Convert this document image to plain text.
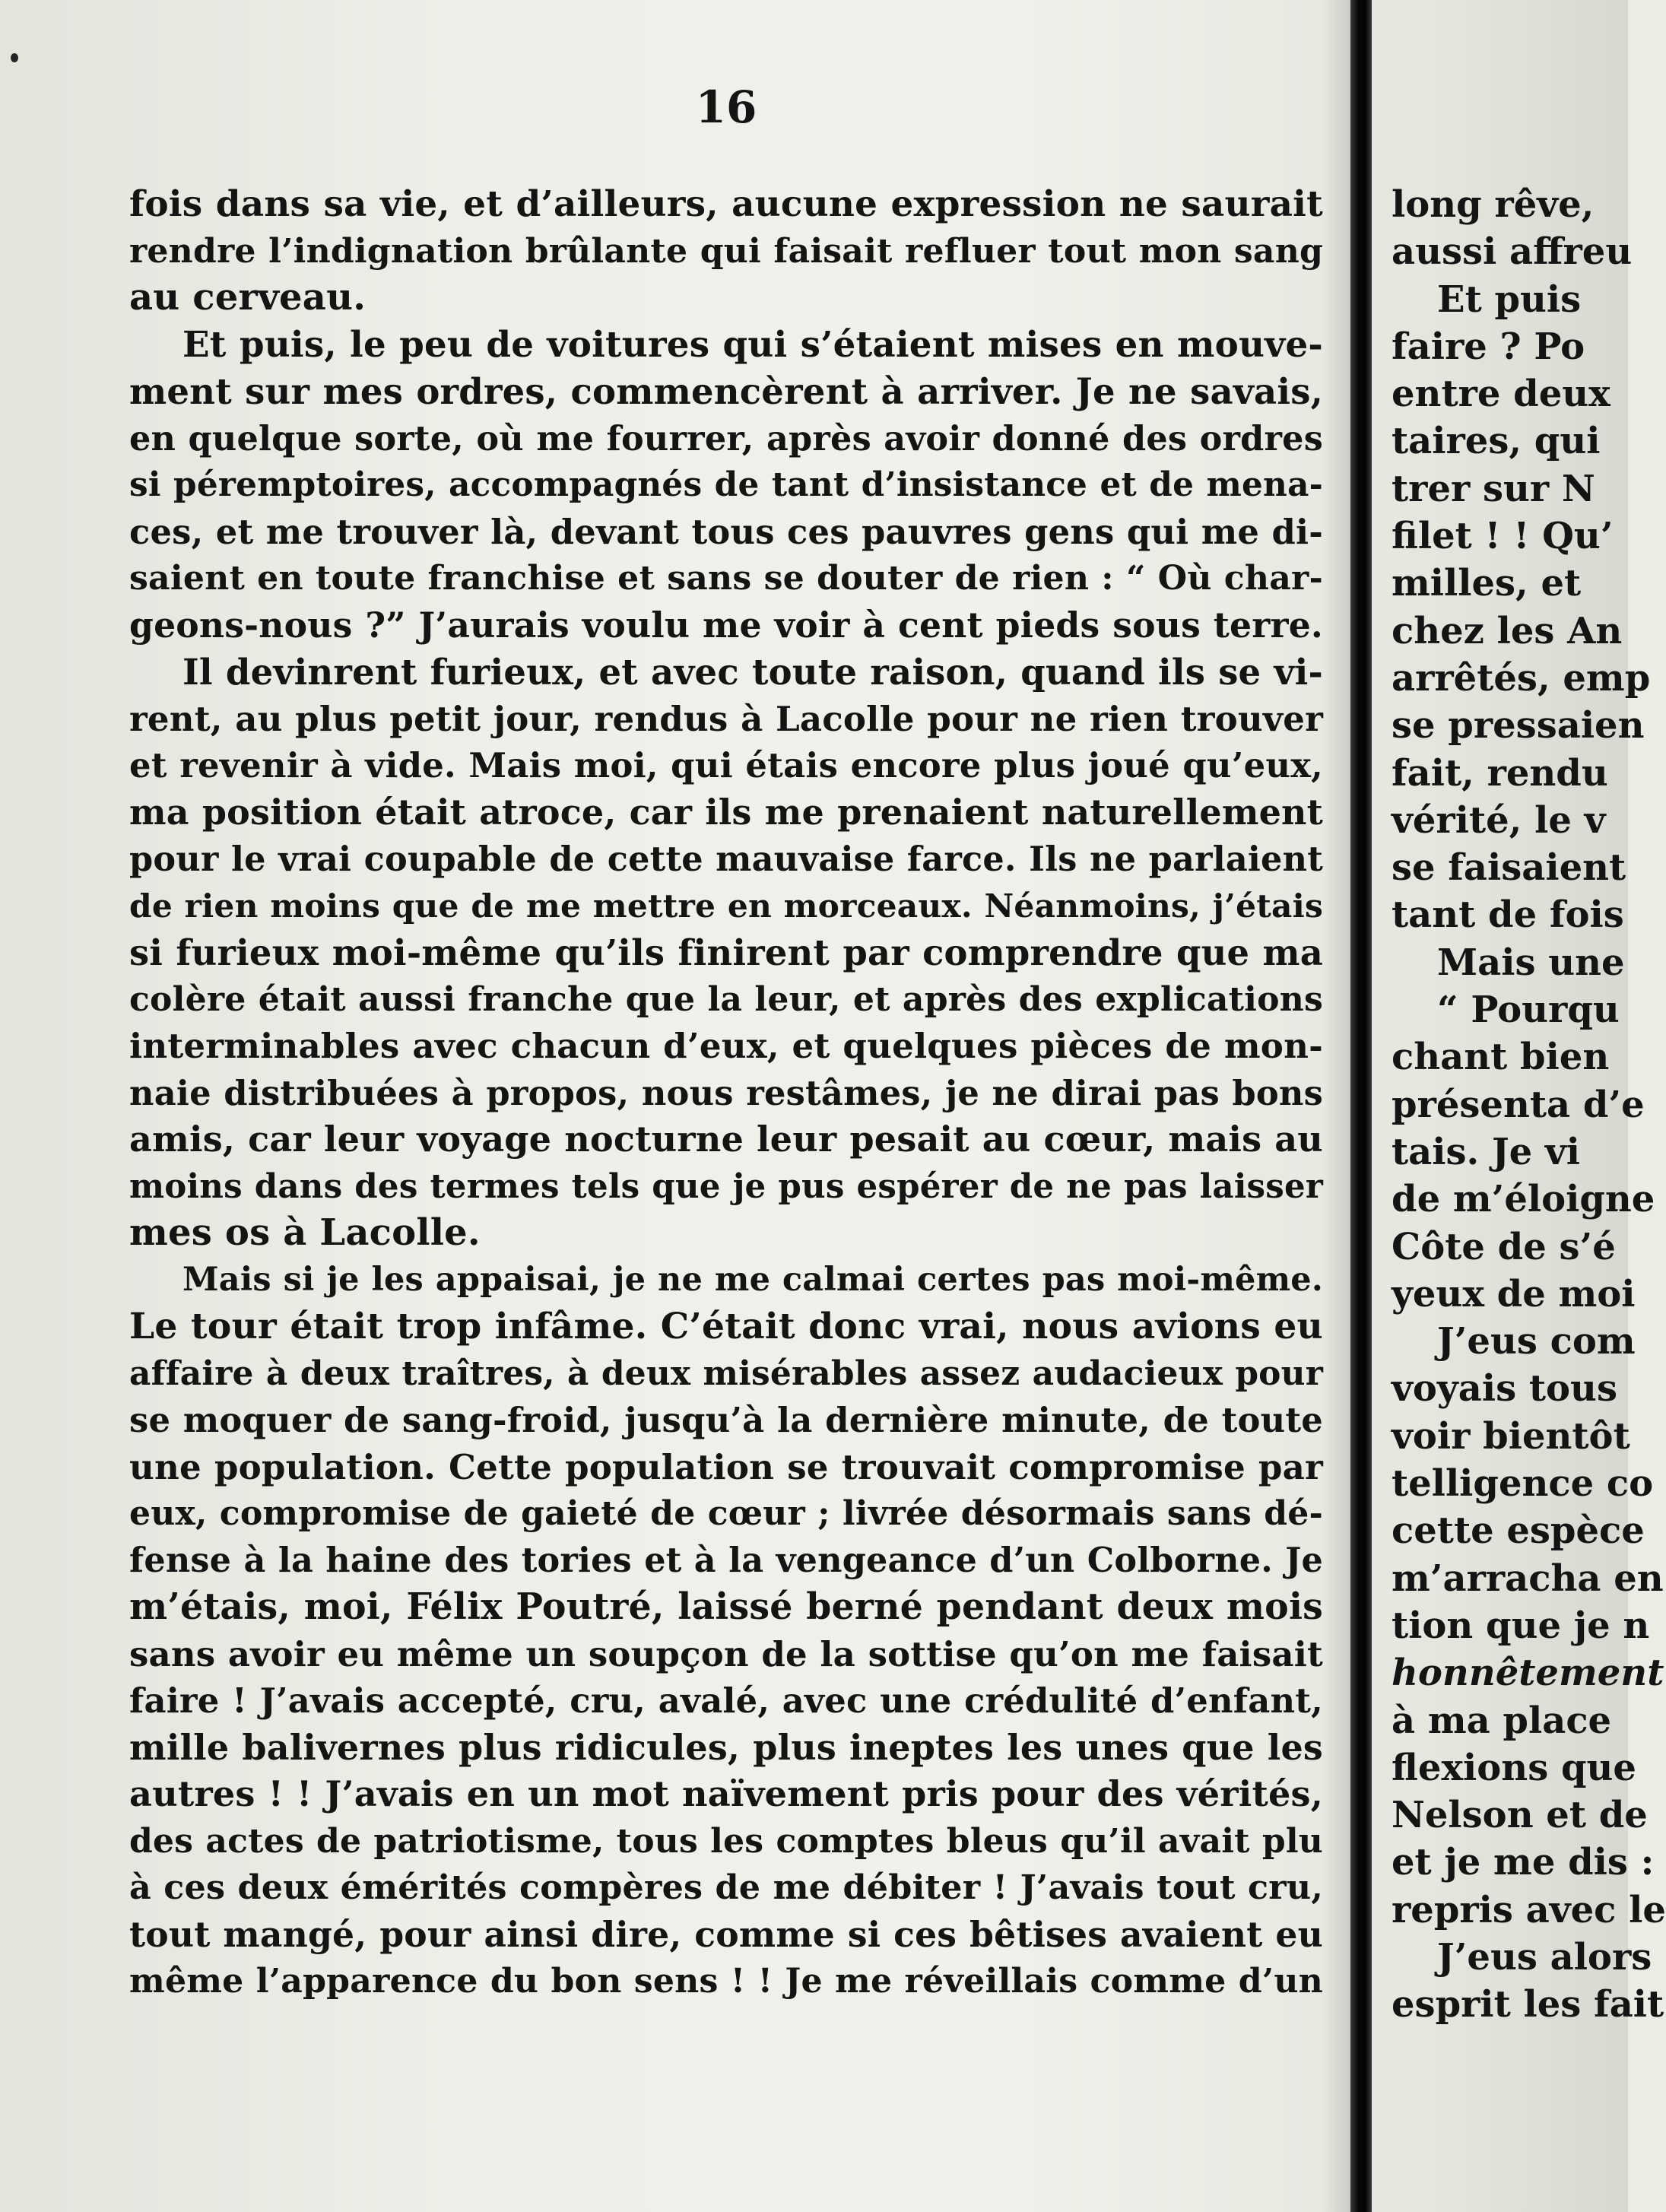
16
fois dans sa vie, et d’ailleurs, aucune expression ne saurait
rendre l’indignation brûlante qui faisait refluer tout mon sang
au cerveau.
Et puis, le peu de voitures qui s’étaient mises en mouve-
ment sur mes ordres, commencèrent à arriver. Je ne savais,
en quelque sorte, où me fourrer, après avoir donné des ordres
si péremptoires, accompagnés de tant d’insistance et de mena-
ces, et me trouver là, devant tous ces pauvres gens qui me di-
saient en toute franchise et sans se douter de rien : “ Où char-
geons-nous ?” J’aurais voulu me voir à cent pieds sous terre.
Il devinrent furieux, et avec toute raison, quand ils se vi-
rent, au plus petit jour, rendus à Lacolle pour ne rien trouver
et revenir à vide. Mais moi, qui étais encore plus joué qu’eux,
ma position était atroce, car ils me prenaient naturellement
pour le vrai coupable de cette mauvaise farce. Ils ne parlaient
de rien moins que de me mettre en morceaux. Néanmoins, j’étais
si furieux moi-même qu’ils finirent par comprendre que ma
colère était aussi franche que la leur, et après des explications
interminables avec chacun d’eux, et quelques pièces de mon-
naie distribuées à propos, nous restâmes, je ne dirai pas bons
amis, car leur voyage nocturne leur pesait au cœur, mais au
moins dans des termes tels que je pus espérer de ne pas laisser
mes os à Lacolle.
Mais si je les appaisai, je ne me calmai certes pas moi-même.
Le tour était trop infâme. C’était donc vrai, nous avions eu
affaire à deux traîtres, à deux misérables assez audacieux pour
se moquer de sang-froid, jusqu’à la dernière minute, de toute
une population. Cette population se trouvait compromise par
eux, compromise de gaieté de cœur ; livrée désormais sans dé-
fense à la haine des tories et à la vengeance d’un Colborne. Je
m’étais, moi, Félix Poutré, laissé berné pendant deux mois
sans avoir eu même un soupçon de la sottise qu’on me faisait
faire ! J’avais accepté, cru, avalé, avec une crédulité d’enfant,
mille balivernes plus ridicules, plus ineptes les unes que les
autres ! ! J’avais en un mot naïvement pris pour des vérités,
des actes de patriotisme, tous les comptes bleus qu’il avait plu
à ces deux émérités compères de me débiter ! J’avais tout cru,
tout mangé, pour ainsi dire, comme si ces bêtises avaient eu
même l’apparence du bon sens ! ! Je me réveillais comme d’un
long rêve,
aussi affreu
Et puis
faire ? Po
entre deux
taires, qui
trer sur N
filet ! ! Qu’
milles, et
chez les An
arrêtés, emp
se pressaien
fait, rendu
vérité, le v
se faisaient
tant de fois
Mais une
“ Pourqu
chant bien
présenta d’e
tais. Je vi
de m’éloigne
Côte de s’é
yeux de moi
J’eus com
voyais tous
voir bientôt
telligence co
cette espèce
m’arracha en
tion que je n
honnêtement
à ma place
flexions que
Nelson et de
et je me dis :
repris avec le
J’eus alors
esprit les fait
